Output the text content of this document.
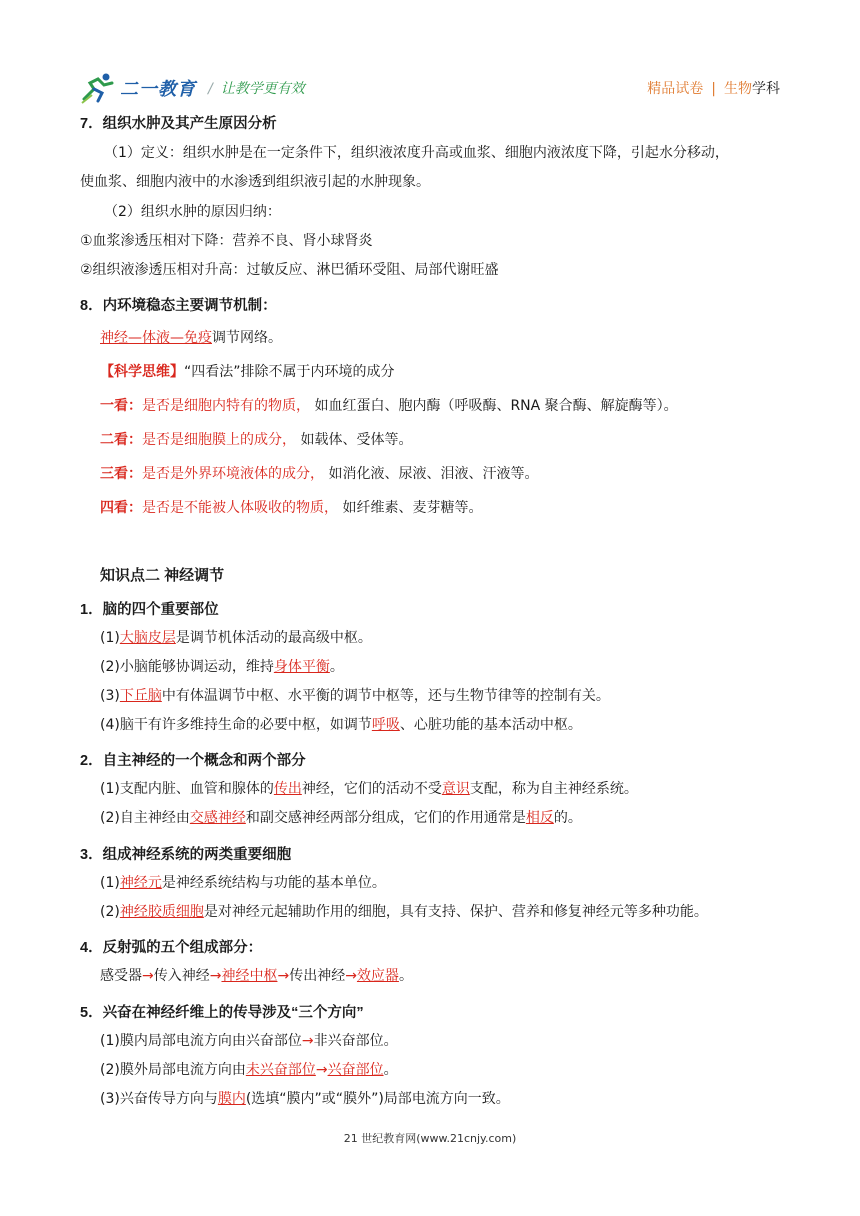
二一教育 / 让教学更有效	精品试卷 | 生物学科
7．组织水肿及其产生原因分析
（1）定义：组织水肿是在一定条件下，组织液浓度升高或血浆、细胞内液浓度下降，引起水分移动，
使血浆、细胞内液中的水渗透到组织液引起的水肿现象。
（2）组织水肿的原因归纳：
①血浆渗透压相对下降：营养不良、肾小球肾炎
②组织液渗透压相对升高：过敏反应、淋巴循环受阻、局部代谢旺盛
8．内环境稳态主要调节机制：
神经—体液—免疫调节网络。
【科学思维】“四看法”排除不属于内环境的成分
一看：是否是细胞内特有的物质， 如血红蛋白、胞内酶（呼吸酶、RNA 聚合酶、解旋酶等）。
二看：是否是细胞膜上的成分， 如载体、受体等。
三看：是否是外界环境液体的成分， 如消化液、尿液、泪液、汗液等。
四看：是否是不能被人体吸收的物质， 如纤维素、麦芽糖等。
知识点二 神经调节
1．脑的四个重要部位
(1)大脑皮层是调节机体活动的最高级中枢。
(2)小脑能够协调运动，维持身体平衡。
(3)下丘脑中有体温调节中枢、水平衡的调节中枢等，还与生物节律等的控制有关。
(4)脑干有许多维持生命的必要中枢，如调节呼吸、心脏功能的基本活动中枢。
2．自主神经的一个概念和两个部分
(1)支配内脏、血管和腺体的传出神经，它们的活动不受意识支配，称为自主神经系统。
(2)自主神经由交感神经和副交感神经两部分组成，它们的作用通常是相反的。
3．组成神经系统的两类重要细胞
(1)神经元是神经系统结构与功能的基本单位。
(2)神经胶质细胞是对神经元起辅助作用的细胞，具有支持、保护、营养和修复神经元等多种功能。
4．反射弧的五个组成部分：
感受器→传入神经→神经中枢→传出神经→效应器。
5．兴奋在神经纤维上的传导涉及“三个方向”
(1)膜内局部电流方向由兴奋部位→非兴奋部位。
(2)膜外局部电流方向由未兴奋部位→兴奋部位。
(3)兴奋传导方向与膜内(选填“膜内”或“膜外”)局部电流方向一致。
21 世纪教育网(www.21cnjy.com)
